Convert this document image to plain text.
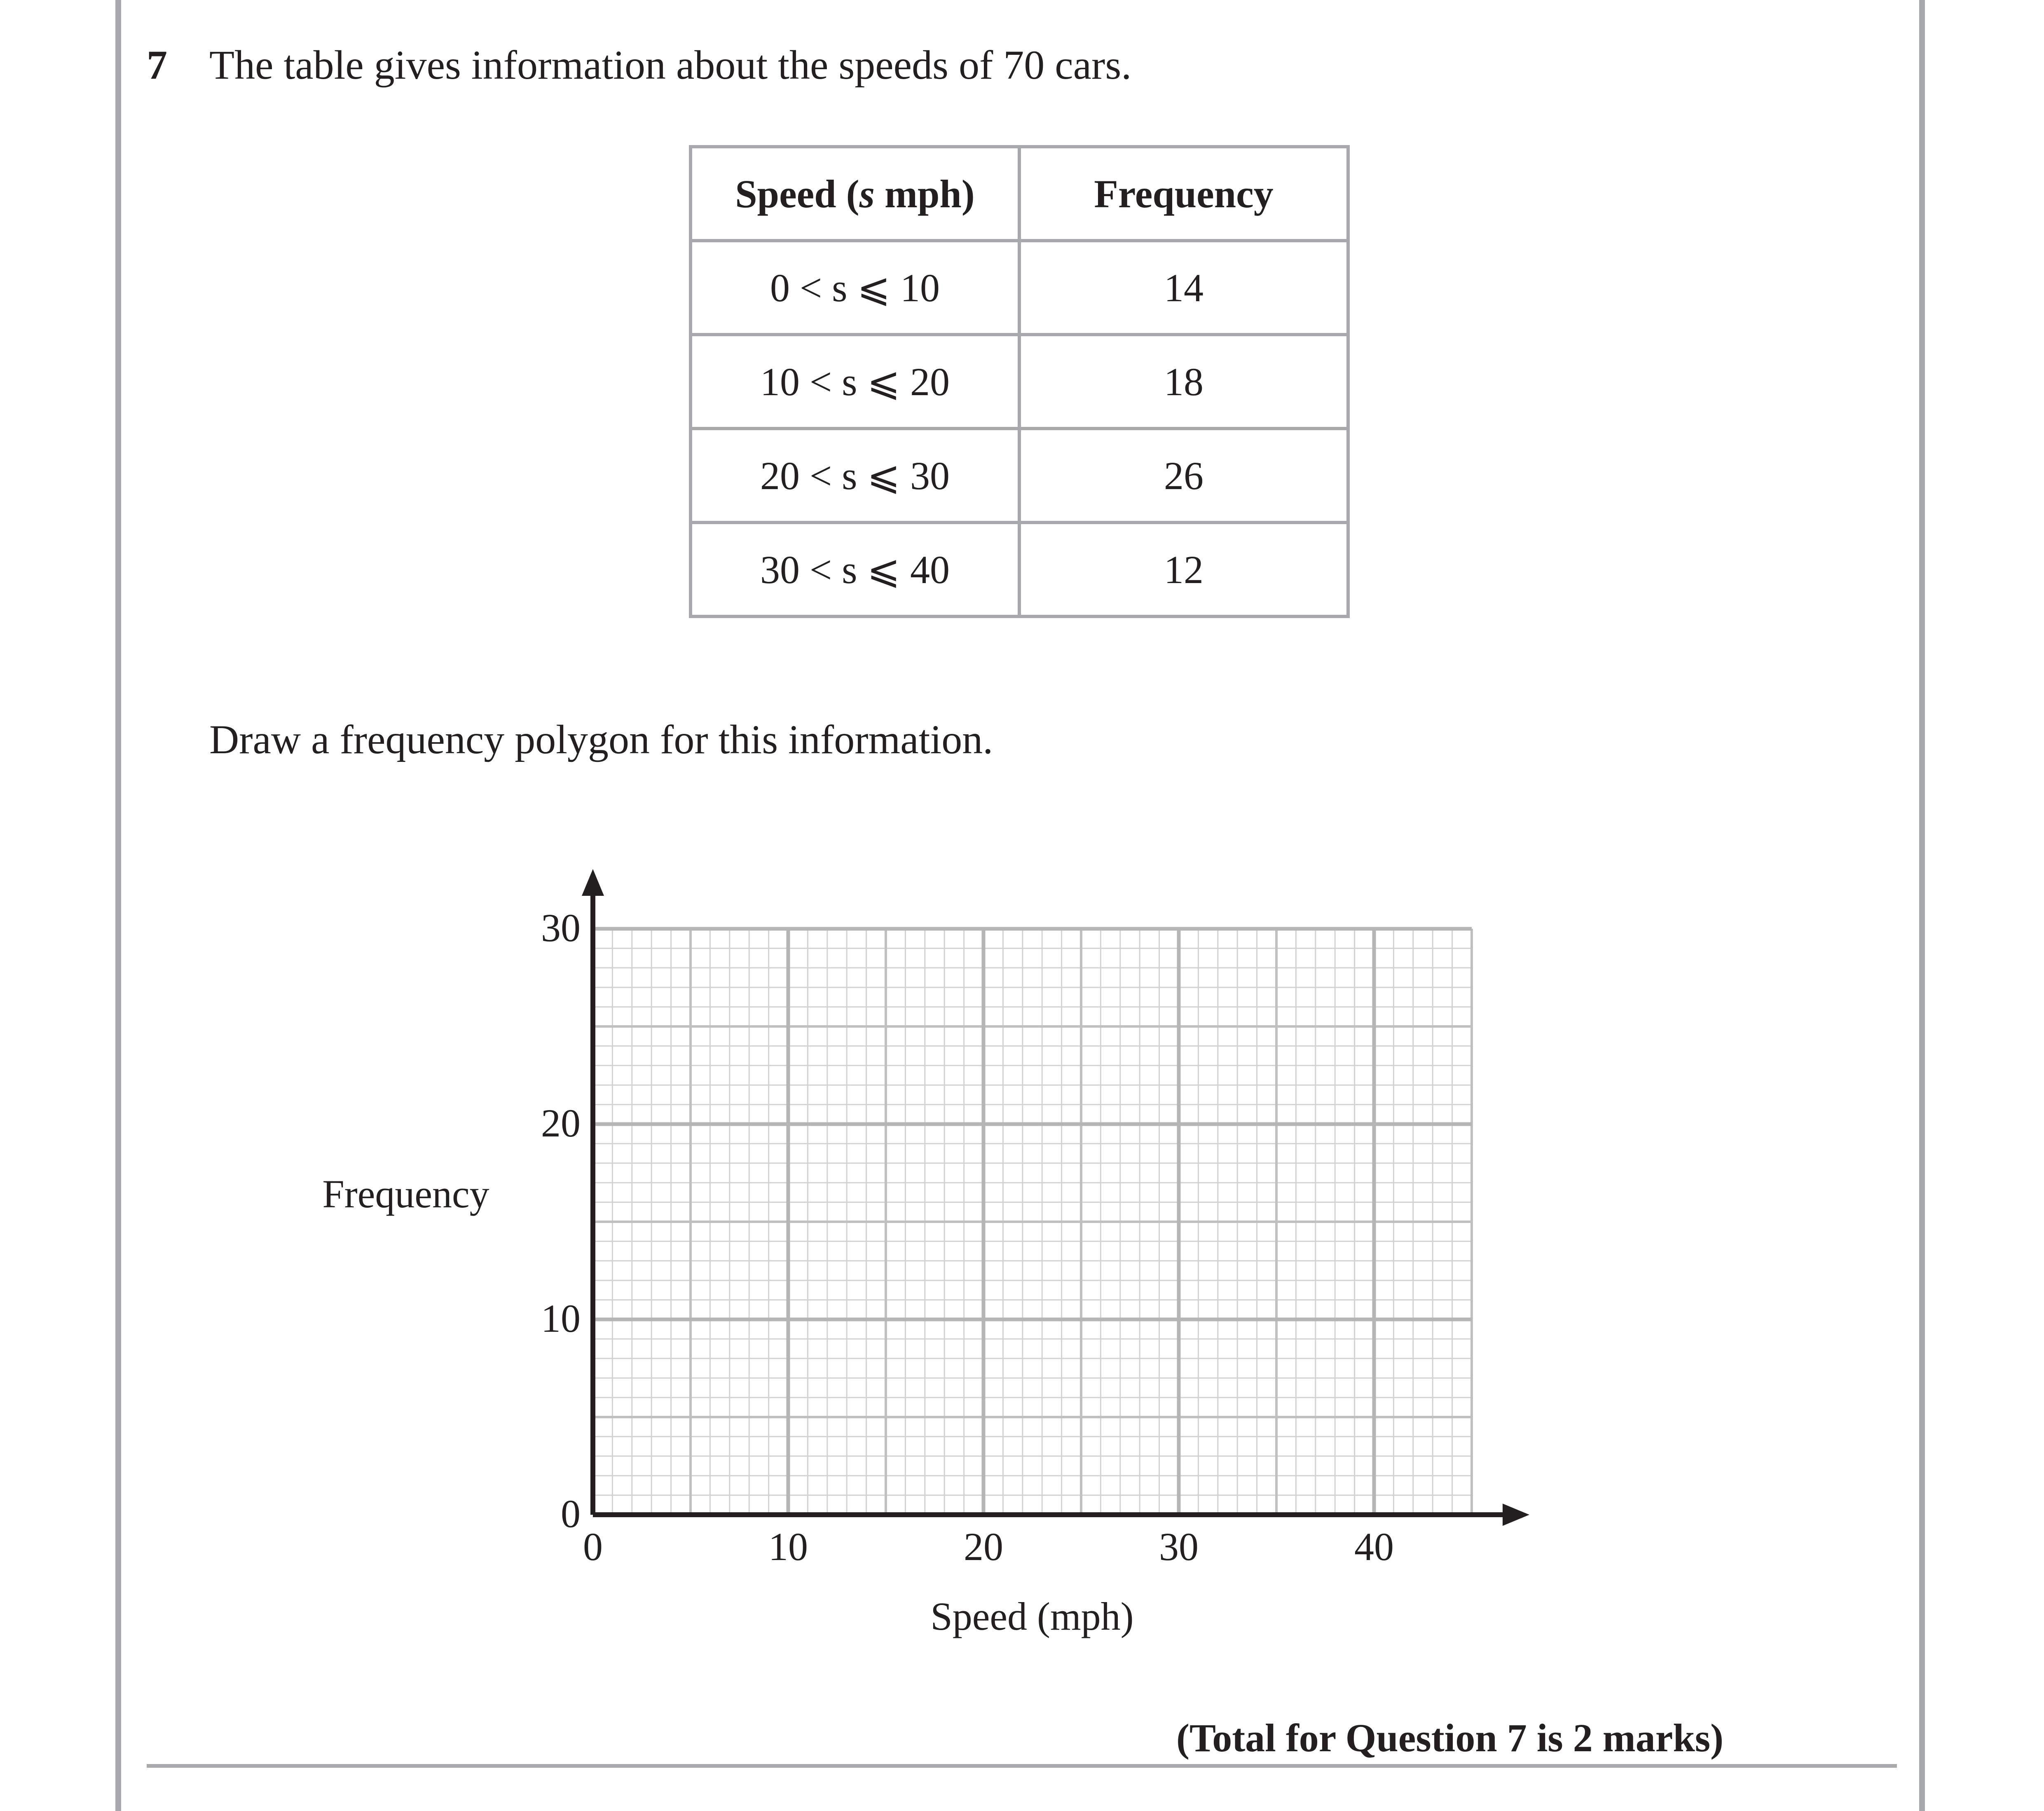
7 The table gives information about the speeds of 70 cars.
Speed (s mph)	Frequency
0 < s ⩽ 10	14
10 < s ⩽ 20	18
20 < s ⩽ 30	26
30 < s ⩽ 40	12
Draw a frequency polygon for this information.
0	10	20	30	40
0
10
20
30
Speed (mph)
Frequency
(Total for Question 7 is 2 marks)
